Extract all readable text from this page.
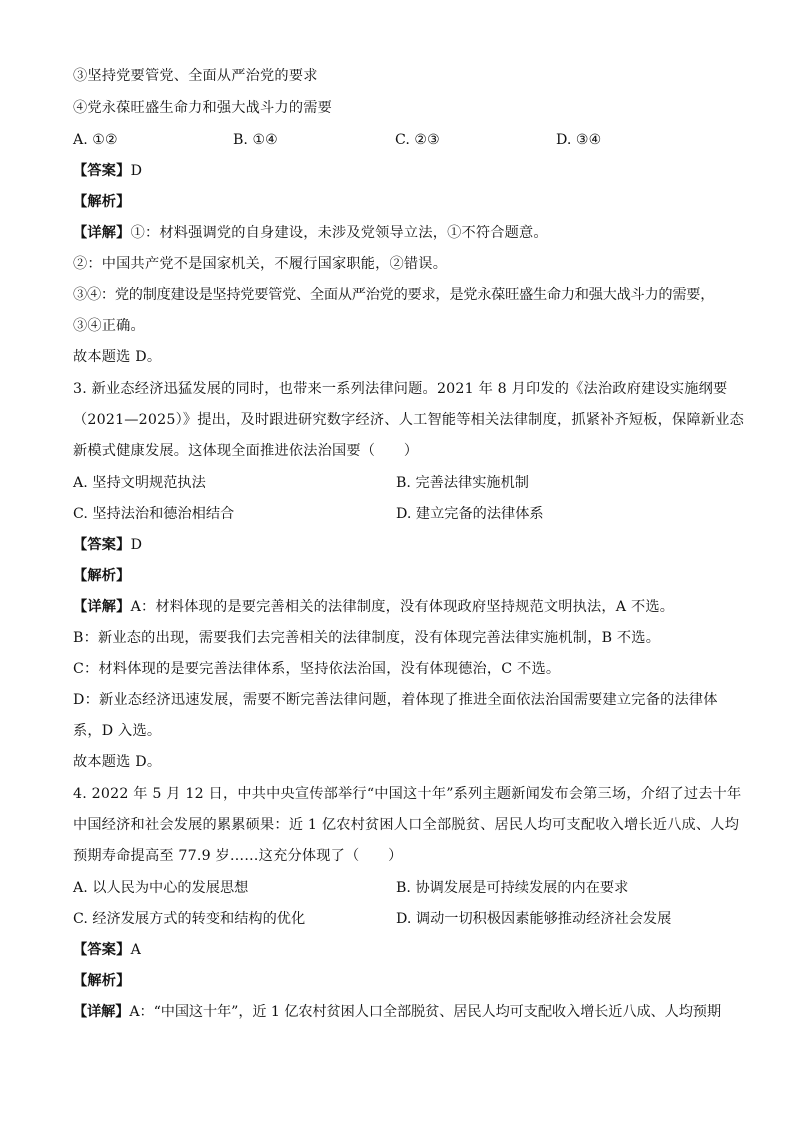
③坚持党要管党、全面从严治党的要求
④党永葆旺盛生命力和强大战斗力的需要
A. ①②	B. ①④	C. ②③	D. ③④
【答案】D
【解析】
【详解】①：材料强调党的自身建设，未涉及党领导立法，①不符合题意。
②：中国共产党不是国家机关，不履行国家职能，②错误。
③④：党的制度建设是坚持党要管党、全面从严治党的要求，是党永葆旺盛生命力和强大战斗力的需要，
③④正确。
故本题选 D。
3. 新业态经济迅猛发展的同时，也带来一系列法律问题。2021 年 8 月印发的《法治政府建设实施纲要
（2021—2025）》提出，及时跟进研究数字经济、人工智能等相关法律制度，抓紧补齐短板，保障新业态
新模式健康发展。这体现全面推进依法治国要（　　）
A. 坚持文明规范执法	B. 完善法律实施机制
C. 坚持法治和德治相结合	D. 建立完备的法律体系
【答案】D
【解析】
【详解】A：材料体现的是要完善相关的法律制度，没有体现政府坚持规范文明执法，A 不选。
B：新业态的出现，需要我们去完善相关的法律制度，没有体现完善法律实施机制，B 不选。
C：材料体现的是要完善法律体系，坚持依法治国，没有体现德治，C 不选。
D：新业态经济迅速发展，需要不断完善法律问题，着体现了推进全面依法治国需要建立完备的法律体
系，D 入选。
故本题选 D。
4. 2022 年 5 月 12 日，中共中央宣传部举行“中国这十年”系列主题新闻发布会第三场，介绍了过去十年
中国经济和社会发展的累累硕果：近 1 亿农村贫困人口全部脱贫、居民人均可支配收入增长近八成、人均
预期寿命提高至 77.9 岁……这充分体现了（　　）
A. 以人民为中心的发展思想	B. 协调发展是可持续发展的内在要求
C. 经济发展方式的转变和结构的优化	D. 调动一切积极因素能够推动经济社会发展
【答案】A
【解析】
【详解】A：“中国这十年”，近 1 亿农村贫困人口全部脱贫、居民人均可支配收入增长近八成、人均预期
